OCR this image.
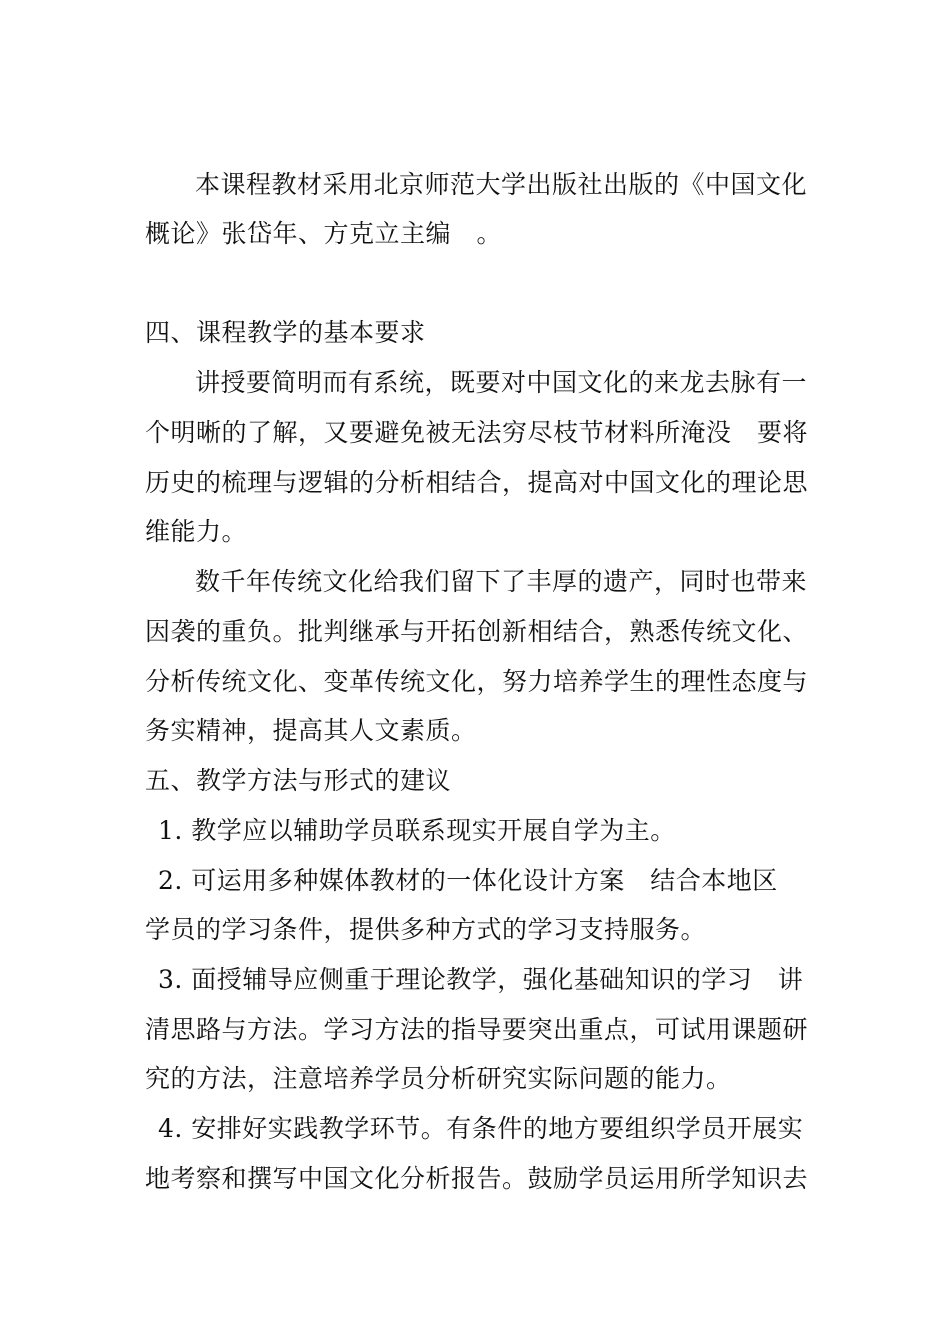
本课程教材采用北京师范大学出版社出版的《中国文化
概论》张岱年、方克立主编　。
四、课程教学的基本要求
讲授要简明而有系统，既要对中国文化的来龙去脉有一
个明晰的了解，又要避免被无法穷尽枝节材料所淹没　要将
历史的梳理与逻辑的分析相结合，提高对中国文化的理论思
维能力。
数千年传统文化给我们留下了丰厚的遗产，同时也带来
因袭的重负。批判继承与开拓创新相结合，熟悉传统文化、
分析传统文化、变革传统文化，努力培养学生的理性态度与
务实精神，提高其人文素质。
五、教学方法与形式的建议
1. 教学应以辅助学员联系现实开展自学为主。
2. 可运用多种媒体教材的一体化设计方案　结合本地区
学员的学习条件，提供多种方式的学习支持服务。
3. 面授辅导应侧重于理论教学，强化基础知识的学习　讲
清思路与方法。学习方法的指导要突出重点，可试用课题研
究的方法，注意培养学员分析研究实际问题的能力。
4. 安排好实践教学环节。有条件的地方要组织学员开展实
地考察和撰写中国文化分析报告。鼓励学员运用所学知识去
